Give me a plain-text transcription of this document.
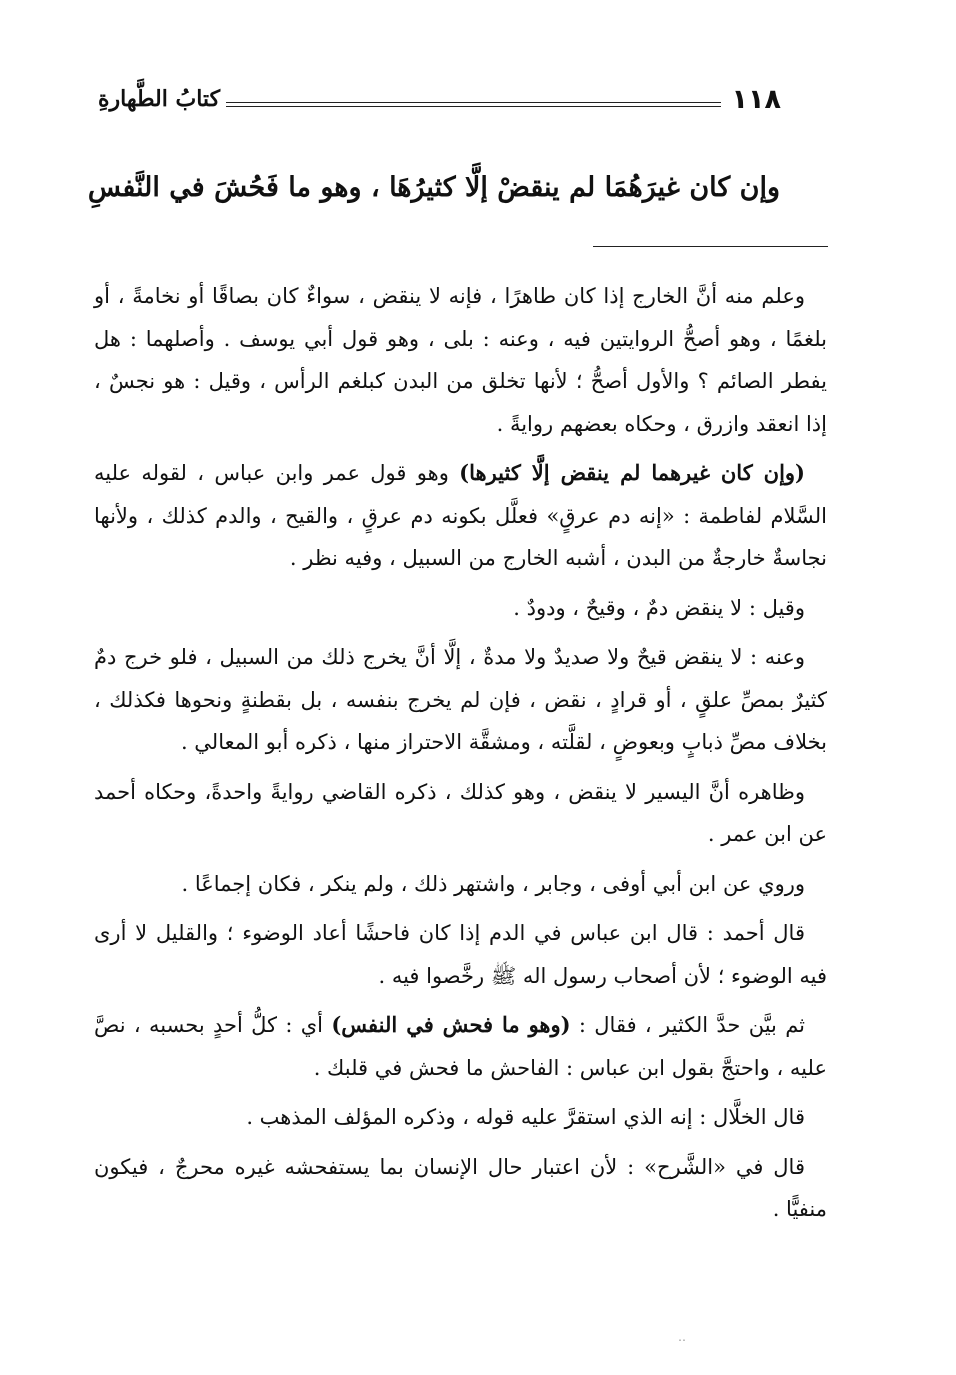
١١٨
كتابُ الطَّهارةِ
وإن كان غيرَهُمَا لم ينقضْ إلَّا كثيرُهَا ، وهو ما فَحُشَ في النَّفسِ

وعلم منه أنَّ الخارج إذا كان طاهرًا ، فإنه لا ينقض ، سواءٌ كان بصاقًا أو نخامةً ، أو بلغمًا ، وهو أصحُّ الروايتين فيه ، وعنه : بلى ، وهو قول أبي يوسف . وأصلهما : هل يفطر الصائم ؟ والأول أصحُّ ؛ لأنها تخلق من البدن كبلغم الرأس ، وقيل : هو نجسٌ ، إذا انعقد وازرق ، وحكاه بعضهم روايةً .

(وإن كان غيرهما لم ينقض إلَّا كثيرها) وهو قول عمر وابن عباس ، لقوله عليه السَّلام لفاطمة : «إنه دم عرقٍ» فعلَّل بكونه دم عرقٍ ، والقيح ، والدم كذلك ، ولأنها نجاسةٌ خارجةٌ من البدن ، أشبه الخارج من السبيل ، وفيه نظر .

وقيل : لا ينقض دمٌ ، وقيحٌ ، ودودٌ .

وعنه : لا ينقض قيحٌ ولا صديدٌ ولا مدةٌ ، إلَّا أنَّ يخرج ذلك من السبيل ، فلو خرج دمٌ كثيرٌ بمصِّ علقٍ ، أو قرادٍ ، نقض ، فإن لم يخرج بنفسه ، بل بقطنةٍ ونحوها فكذلك ، بخلاف مصِّ ذبابٍ وبعوضٍ ، لقلَّته ، ومشقَّة الاحتراز منها ، ذكره أبو المعالي .

وظاهره أنَّ اليسير لا ينقض ، وهو كذلك ، ذكره القاضي روايةً واحدةً، وحكاه أحمد عن ابن عمر .

وروي عن ابن أبي أوفى ، وجابر ، واشتهر ذلك ، ولم ينكر ، فكان إجماعًا .

قال أحمد : قال ابن عباس في الدم إذا كان فاحشًا أعاد الوضوء ؛ والقليل لا أرى فيه الوضوء ؛ لأن أصحاب رسول اله ﷺ رخَّصوا فيه .

ثم بيَّن حدَّ الكثير ، فقال : (وهو ما فحش في النفس) أي : كلُّ أحدٍ بحسبه ، نصَّ عليه ، واحتجَّ بقول ابن عباس : الفاحش ما فحش في قلبك .

قال الخلَّال : إنه الذي استقرَّ عليه قوله ، وذكره المؤلف المذهب .

قال في «الشَّرح» : لأن اعتبار حال الإنسان بما يستفحشه غيره محرجٌ ، فيكون منفيًّا .

‥
